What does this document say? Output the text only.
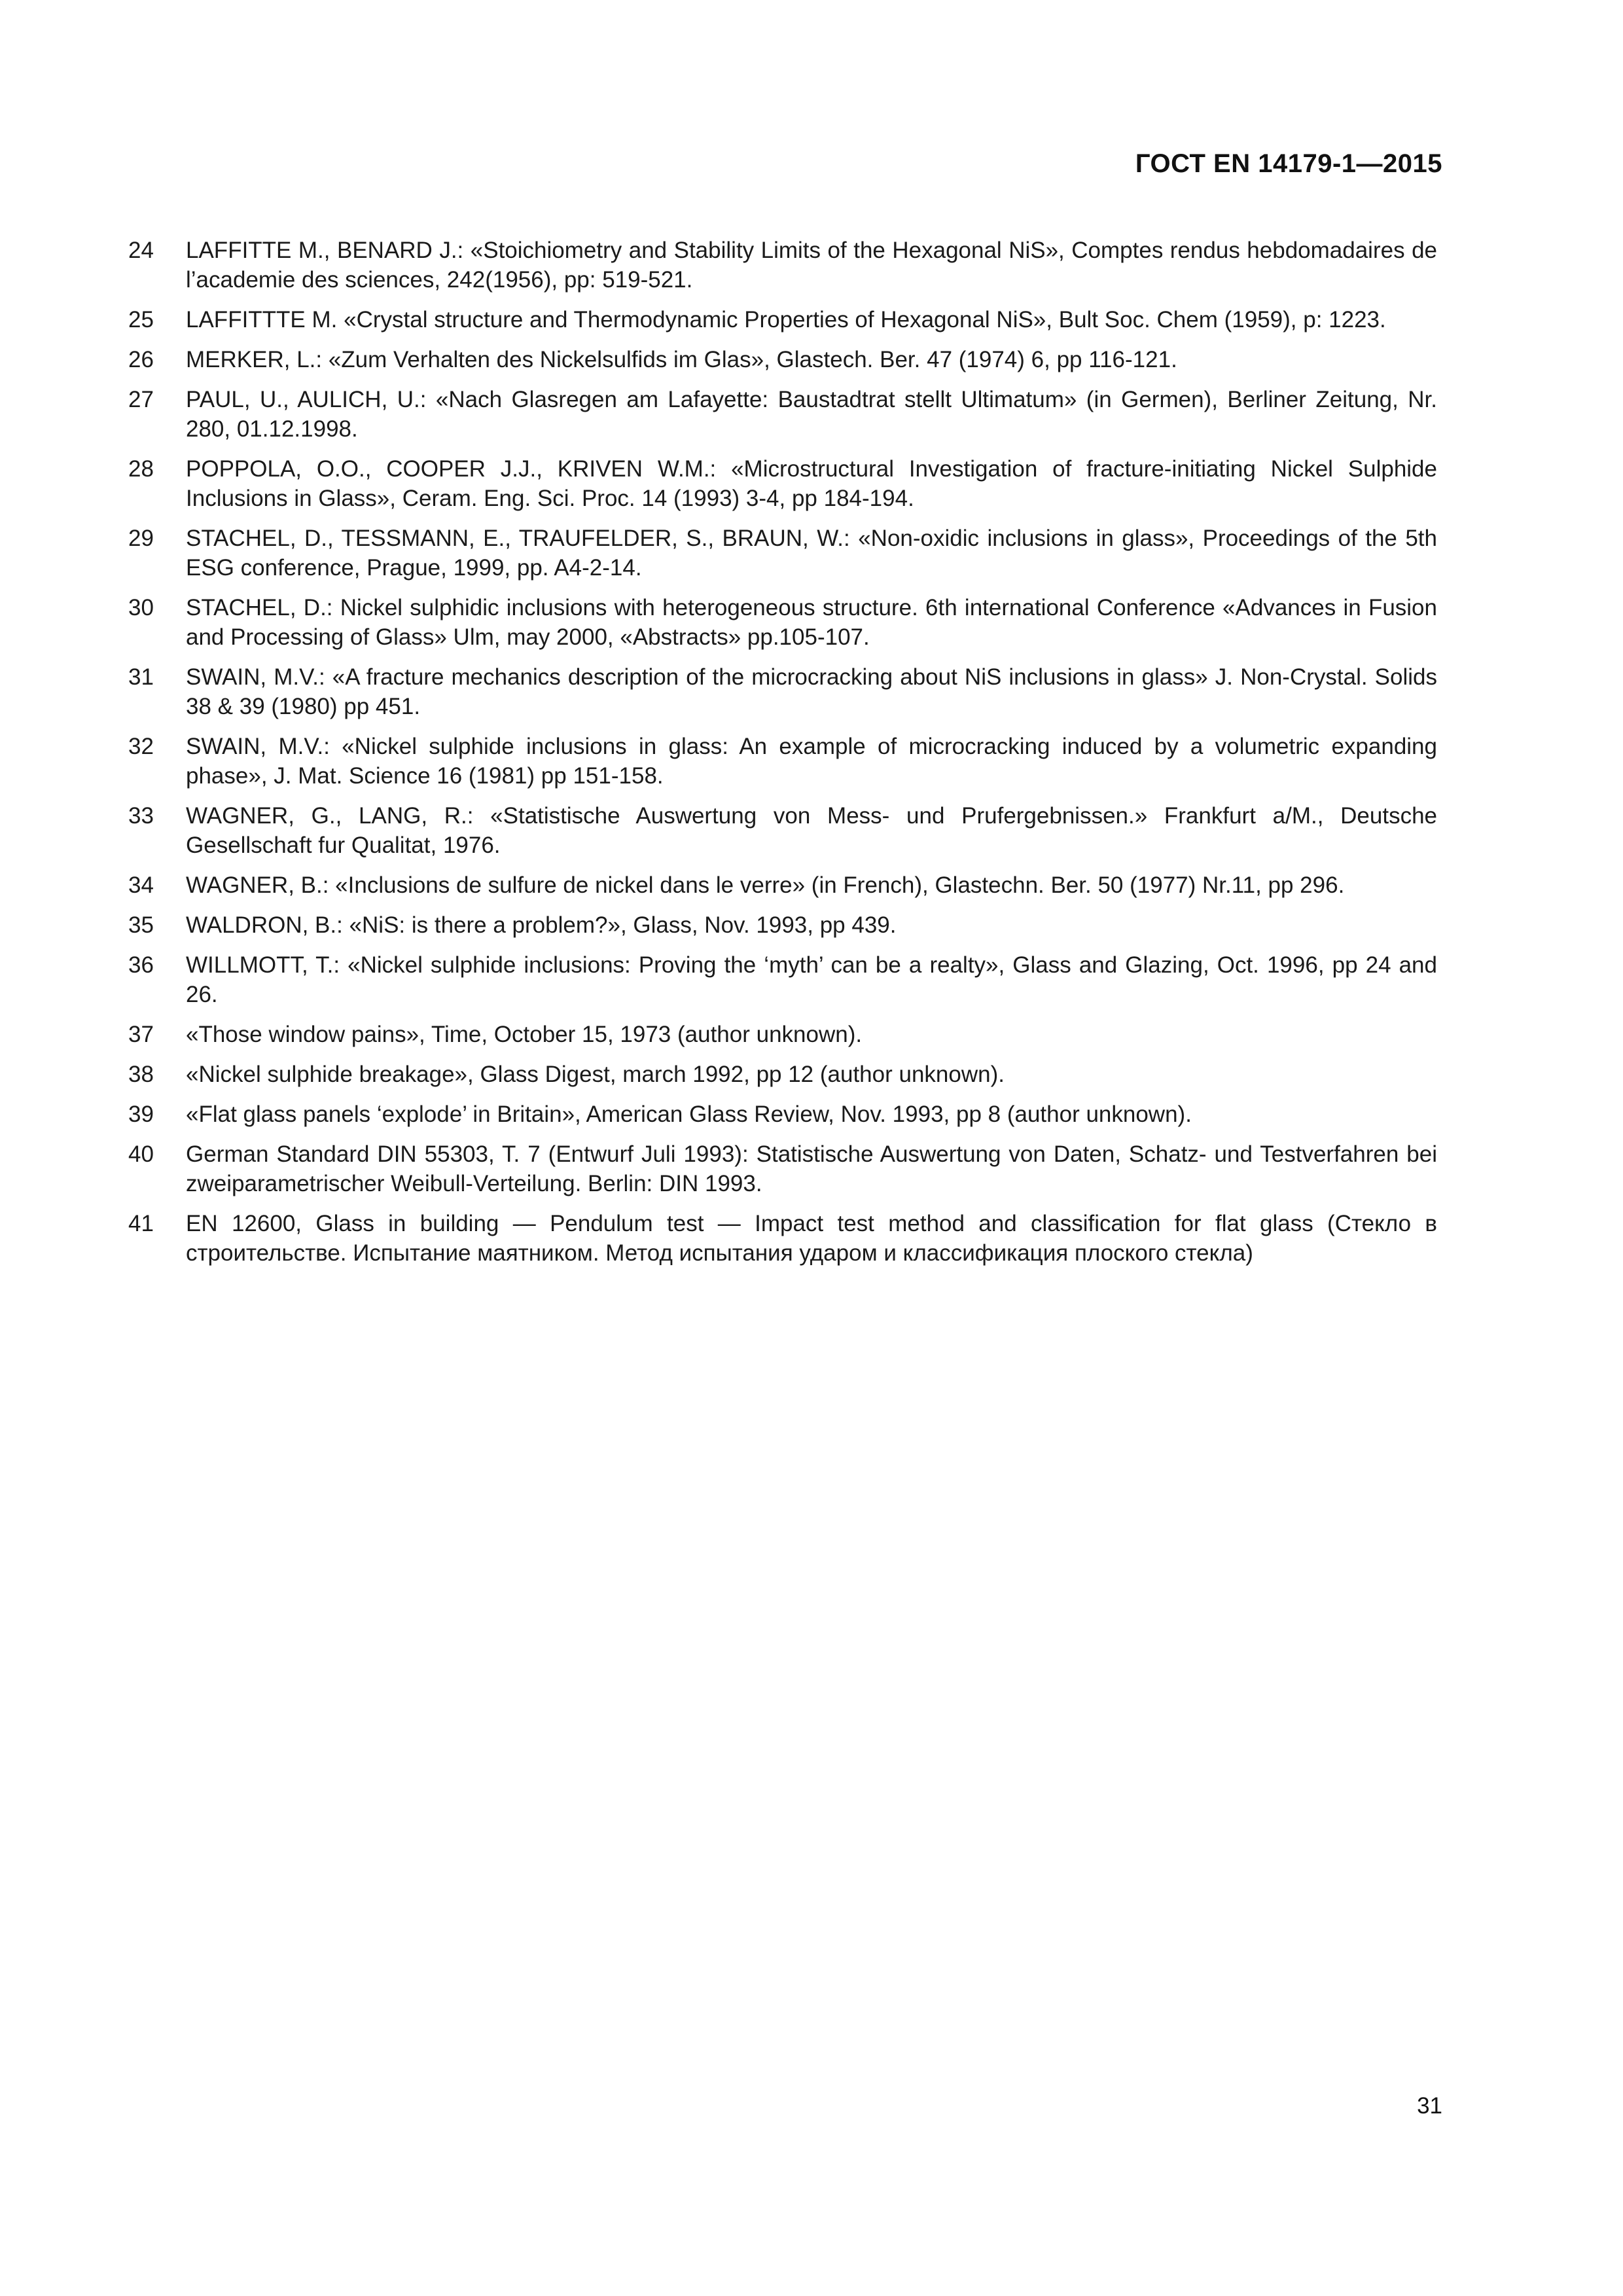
ГОСТ EN 14179-1—2015
24	LAFFITTE M., BENARD J.: «Stoichiometry and Stability Limits of the Hexagonal NiS», Comptes rendus hebdomadaires de l’academie des sciences, 242(1956), pp: 519-521.
25	LAFFITTTE M. «Crystal structure and Thermodynamic Properties of Hexagonal NiS», Bult Soc. Chem (1959), p: 1223.
26	MERKER, L.: «Zum Verhalten des Nickelsulfids im Glas», Glastech. Ber. 47 (1974) 6, pp 116-121.
27	PAUL, U., AULICH, U.: «Nach Glasregen am Lafayette: Baustadtrat stellt Ultimatum» (in Germen), Berliner Zeitung, Nr. 280, 01.12.1998.
28	POPPOLA, O.O., COOPER J.J., KRIVEN W.M.: «Microstructural Investigation of fracture-initiating Nickel Sulphide Inclusions in Glass», Ceram. Eng. Sci. Proc. 14 (1993) 3-4, pp 184-194.
29	STACHEL, D., TESSMANN, E., TRAUFELDER, S., BRAUN, W.: «Non-oxidic inclusions in glass», Proceedings of the 5th ESG conference, Prague, 1999, pp. A4-2-14.
30	STACHEL, D.: Nickel sulphidic inclusions with heterogeneous structure. 6th international Conference «Advances in Fusion and Processing of Glass» Ulm, may 2000, «Abstracts» pp.105-107.
31	SWAIN, M.V.: «A fracture mechanics description of the microcracking about NiS inclusions in glass» J. Non-Crystal. Solids 38 & 39 (1980) pp 451.
32	SWAIN, M.V.: «Nickel sulphide inclusions in glass: An example of microcracking induced by a volumetric expanding phase», J. Mat. Science 16 (1981) pp 151-158.
33	WAGNER, G., LANG, R.: «Statistische Auswertung von Mess- und Prufergebnissen.» Frankfurt a/M., Deutsche Gesellschaft fur Qualitat, 1976.
34	WAGNER, B.: «Inclusions de sulfure de nickel dans le verre» (in French), Glastechn. Ber. 50 (1977) Nr.11, pp 296.
35	WALDRON, B.: «NiS: is there a problem?», Glass, Nov. 1993, pp 439.
36	WILLMOTT, T.: «Nickel sulphide inclusions: Proving the ‘myth’ can be a realty», Glass and Glazing, Oct. 1996, pp 24 and 26.
37	«Those window pains», Time, October 15, 1973 (author unknown).
38	«Nickel sulphide breakage», Glass Digest, march 1992, pp 12 (author unknown).
39	«Flat glass panels ‘explode’ in Britain», American Glass Review, Nov. 1993, pp 8 (author unknown).
40	German Standard DIN 55303, T. 7 (Entwurf Juli 1993): Statistische Auswertung von Daten, Schatz- und Testverfahren bei zweiparametrischer Weibull-Verteilung. Berlin: DIN 1993.
41	EN 12600, Glass in building — Pendulum test — Impact test method and classification for flat glass (Стекло в строительстве. Испытание маятником. Метод испытания ударом и классификация плоского стекла)
31
